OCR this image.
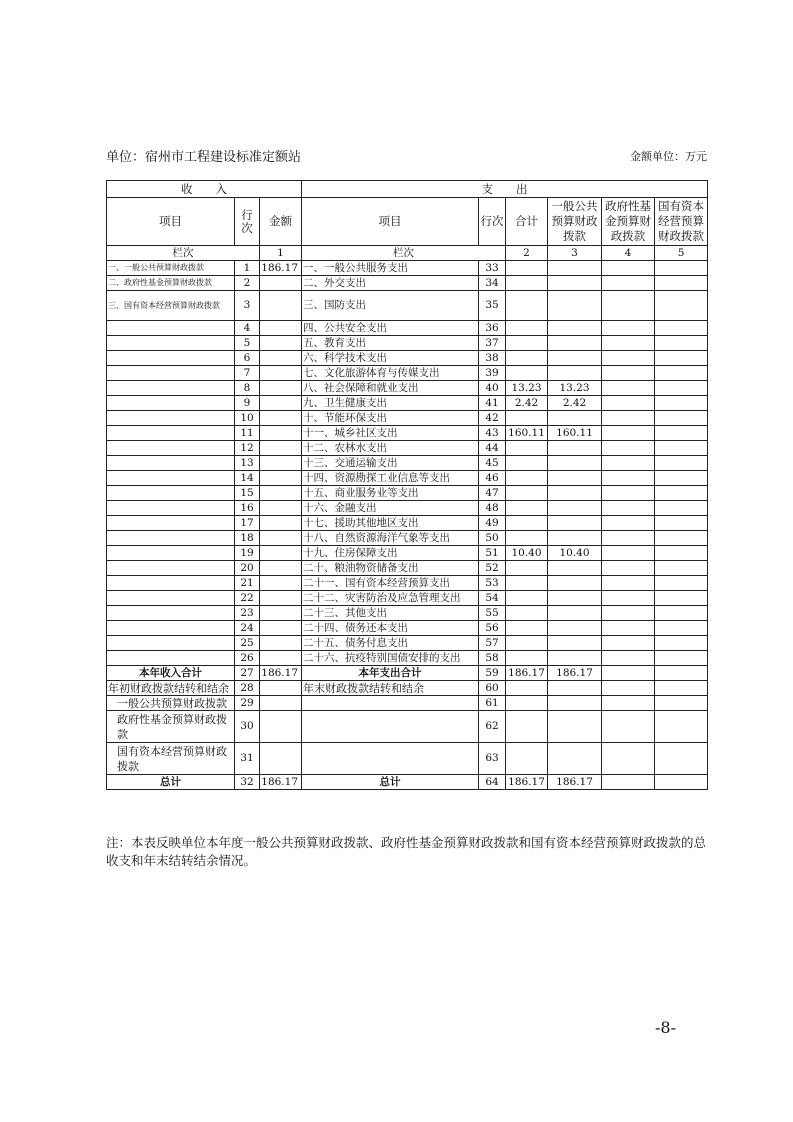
单位：宿州市工程建设标准定额站	金额单位：万元
收　　入			支　　出					
项目	行次	金额	项目	行次	合计	一般公共预算财政拨款	政府性基金预算财政拨款	国有资本经营预算财政拨款
栏次		1	栏次		2	3	4	5
一、一般公共预算财政拨款	1	186.17	一、一般公共服务支出	33				
二、政府性基金预算财政拨款	2		二、外交支出	34				
三、国有资本经营预算财政拨款	3		三、国防支出	35				
	4		四、公共安全支出	36				
	5		五、教育支出	37				
	6		六、科学技术支出	38				
	7		七、文化旅游体育与传媒支出	39				
	8		八、社会保障和就业支出	40	13.23	13.23		
	9		九、卫生健康支出	41	2.42	2.42		
	10		十、节能环保支出	42				
	11		十一、城乡社区支出	43	160.11	160.11		
	12		十二、农林水支出	44				
	13		十三、交通运输支出	45				
	14		十四、资源勘探工业信息等支出	46				
	15		十五、商业服务业等支出	47				
	16		十六、金融支出	48				
	17		十七、援助其他地区支出	49				
	18		十八、自然资源海洋气象等支出	50				
	19		十九、住房保障支出	51	10.40	10.40		
	20		二十、粮油物资储备支出	52				
	21		二十一、国有资本经营预算支出	53				
	22		二十二、灾害防治及应急管理支出	54				
	23		二十三、其他支出	55				
	24		二十四、债务还本支出	56				
	25		二十五、债务付息支出	57				
	26		二十六、抗疫特别国债安排的支出	58				
本年收入合计	27	186.17	本年支出合计	59	186.17	186.17		
年初财政拨款结转和结余	28		年末财政拨款结转和结余	60				
一般公共预算财政拨款	29			61				
政府性基金预算财政拨款	30			62				
国有资本经营预算财政拨款	31			63				
总计	32	186.17	总计	64	186.17	186.17		
注：本表反映单位本年度一般公共预算财政拨款、政府性基金预算财政拨款和国有资本经营预算财政拨款的总收支和年末结转结余情况。
-8-
